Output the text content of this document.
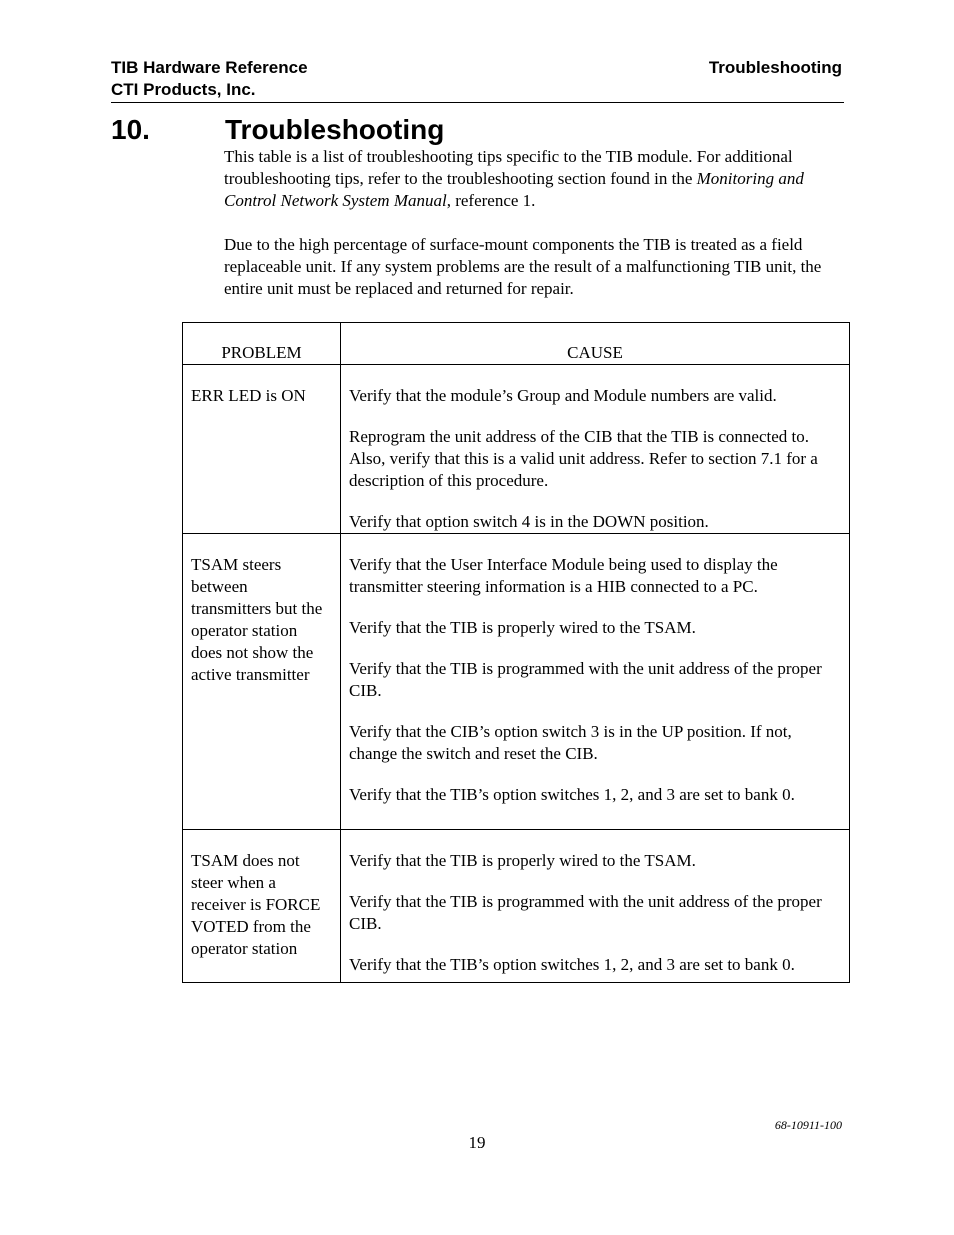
TIB Hardware Reference
CTI Products, Inc.
Troubleshooting
10.	Troubleshooting

This table is a list of troubleshooting tips specific to the TIB module. For additional troubleshooting tips, refer to the troubleshooting section found in the Monitoring and Control Network System Manual, reference 1.

Due to the high percentage of surface-mount components the TIB is treated as a field replaceable unit. If any system problems are the result of a malfunctioning TIB unit, the entire unit must be replaced and returned for repair.

PROBLEM	CAUSE
ERR LED is ON	Verify that the module’s Group and Module numbers are valid.

Reprogram the unit address of the CIB that the TIB is connected to. Also, verify that this is a valid unit address. Refer to section 7.1 for a description of this procedure.

Verify that option switch 4 is in the DOWN position.

TSAM steers between transmitters but the operator station does not show the active transmitter	Verify that the User Interface Module being used to display the transmitter steering information is a HIB connected to a PC.

Verify that the TIB is properly wired to the TSAM.

Verify that the TIB is programmed with the unit address of the proper CIB.

Verify that the CIB’s option switch 3 is in the UP position. If not, change the switch and reset the CIB.

Verify that the TIB’s option switches 1, 2, and 3 are set to bank 0.

TSAM does not steer when a receiver is FORCE VOTED from the operator station	Verify that the TIB is properly wired to the TSAM.

Verify that the TIB is programmed with the unit address of the proper CIB.

Verify that the TIB’s option switches 1, 2, and 3 are set to bank 0.

68-10911-100
19
